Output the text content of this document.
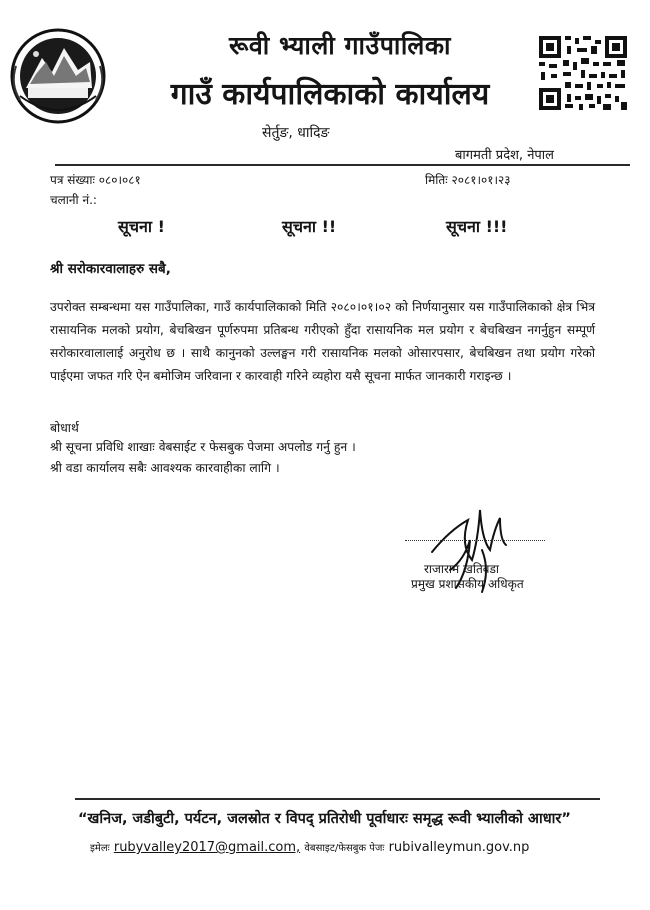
रूवी भ्याली गाउँपालिका
गाउँ कार्यपालिकाको कार्यालय
सेर्तुङ, धादिङ
बागमती प्रदेश, नेपाल
पत्र संख्याः ०८०।०८१	मितिः २०८१।०१।२३
चलानी नं.:
सूचना !	सूचना !!	सूचना !!!
श्री सरोकारवालाहरु सबै,

उपरोक्त सम्बन्धमा यस गाउँपालिका, गाउँ कार्यपालिकाको मिति २०८०।०१।०२ को निर्णयानुसार यस गाउँपालिकाको क्षेत्र भित्र रासायनिक मलको प्रयोग, बेचबिखन पूर्णरुपमा प्रतिबन्ध गरीएको हुँदा रासायनिक मल प्रयोग र बेचबिखन नगर्नुहुन सम्पूर्ण सरोकारवालालाई अनुरोध छ । साथै कानुनको उल्लङ्घन गरी रासायनिक मलको ओसारपसार, बेचबिखन तथा प्रयोग गरेको पाईएमा जफत गरि ऐन बमोजिम जरिवाना र कारवाही गरिने व्यहोरा यसै सूचना मार्फत जानकारी गराइन्छ ।

बोधार्थ
श्री सूचना प्रविधि शाखाः वेबसाईट र फेसबुक पेजमा अपलोड गर्नु हुन ।
श्री वडा कार्यालय सबैः आवश्यक कारवाहीका लागि ।
राजाराम खतिवडा
प्रमुख प्रशासकीय अधिकृत
“खनिज, जडीबुटी, पर्यटन, जलस्रोत र विपद् प्रतिरोधी पूर्वाधारः समृद्ध रूवी भ्यालीको आधार”
इमेलः rubyvalley2017@gmail.com, वेबसाइट/फेसबुक पेजः rubivalleymun.gov.np
